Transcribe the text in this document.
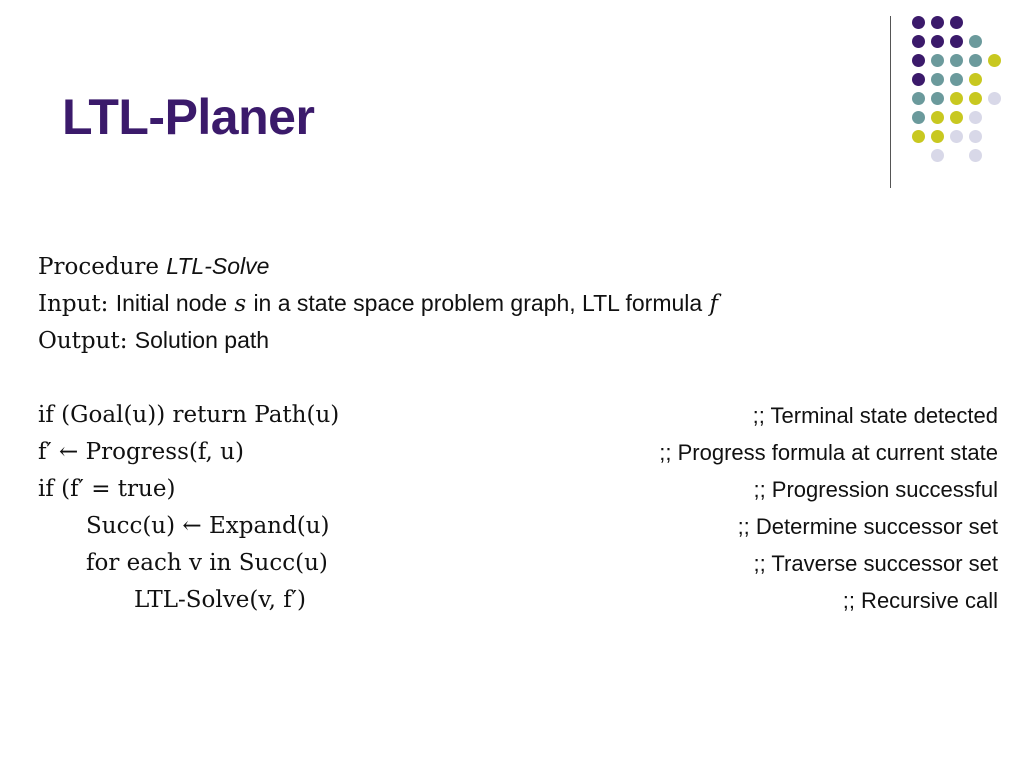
LTL-Planer
Procedure LTL-Solve
Input: Initial node s in a state space problem graph, LTL formula f
Output: Solution path
if (Goal(u)) return Path(u)	;; Terminal state detected
f′ ← Progress(f, u)	;; Progress formula at current state
if (f′ = true)	;; Progression successful
Succ(u) ← Expand(u)	;; Determine successor set
for each v in Succ(u)	;; Traverse successor set
LTL-Solve(v, f′)	;; Recursive call
